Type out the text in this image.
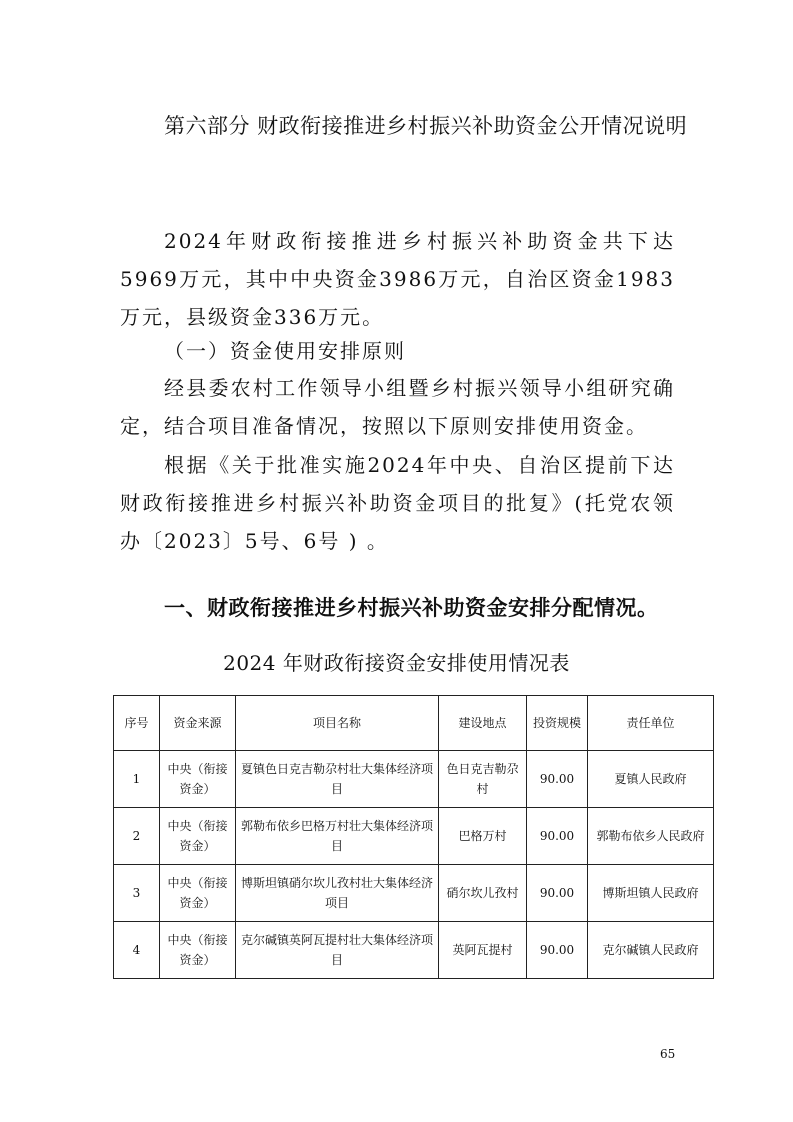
第六部分 财政衔接推进乡村振兴补助资金公开情况说明

2024年财政衔接推进乡村振兴补助资金共下达5969万元，其中中央资金3986万元，自治区资金1983万元，县级资金336万元。

（一）资金使用安排原则

经县委农村工作领导小组暨乡村振兴领导小组研究确定，结合项目准备情况，按照以下原则安排使用资金。

根据《关于批准实施2024年中央、自治区提前下达财政衔接推进乡村振兴补助资金项目的批复》(托党农领办〔2023〕5号、6号 ) 。

一、财政衔接推进乡村振兴补助资金安排分配情况。
2024 年财政衔接资金安排使用情况表
序号	资金来源	项目名称	建设地点	投资规模	责任单位
1	中央（衔接资金）	夏镇色日克吉勒尕村壮大集体经济项目	色日克吉勒尕村	90.00	夏镇人民政府
2	中央（衔接资金）	郭勒布依乡巴格万村壮大集体经济项目	巴格万村	90.00	郭勒布依乡人民政府
3	中央（衔接资金）	博斯坦镇硝尔坎儿孜村壮大集体经济项目	硝尔坎儿孜村	90.00	博斯坦镇人民政府
4	中央（衔接资金）	克尔碱镇英阿瓦提村壮大集体经济项目	英阿瓦提村	90.00	克尔碱镇人民政府

65
